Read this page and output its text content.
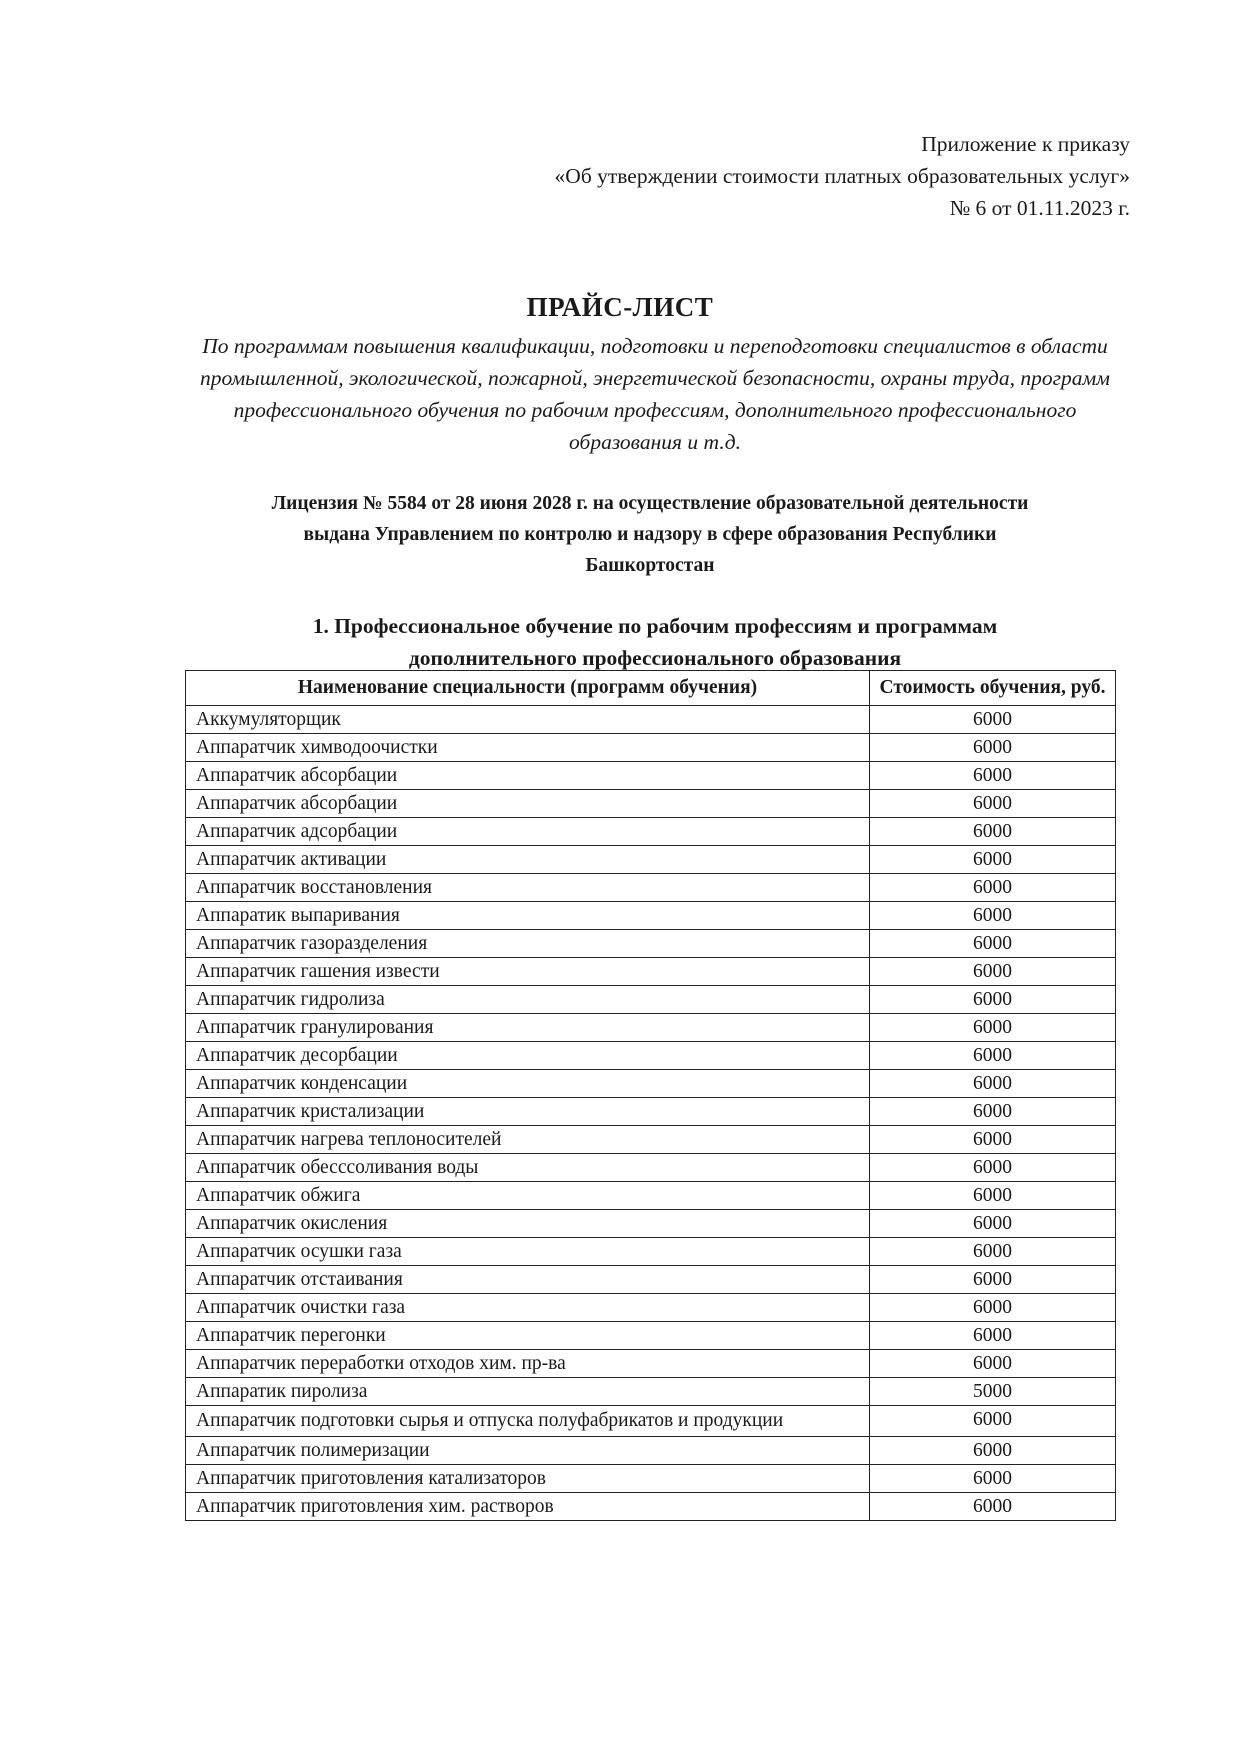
Приложение к приказу
«Об утверждении стоимости платных образовательных услуг»
№ 6 от 01.11.2023 г.
ПРАЙС-ЛИСТ
По программам повышения квалификации, подготовки и переподготовки специалистов в области промышленной, экологической, пожарной, энергетической безопасности, охраны труда, программ профессионального обучения по рабочим профессиям, дополнительного профессионального образования и т.д.
Лицензия № 5584 от 28 июня 2028 г. на осуществление образовательной деятельности
выдана Управлением по контролю и надзору в сфере образования Республики
Башкортостан
1. Профессиональное обучение по рабочим профессиям и программам
дополнительного профессионального образования
Наименование специальности (программ обучения)	Стоимость обучения, руб.
Аккумуляторщик	6000
Аппаратчик химводоочистки	6000
Аппаратчик абсорбации	6000
Аппаратчик абсорбации	6000
Аппаратчик адсорбации	6000
Аппаратчик активации	6000
Аппаратчик восстановления	6000
Аппаратик выпаривания	6000
Аппаратчик газоразделения	6000
Аппаратчик гашения извести	6000
Аппаратчик гидролиза	6000
Аппаратчик гранулирования	6000
Аппаратчик десорбации	6000
Аппаратчик конденсации	6000
Аппаратчик кристализации	6000
Аппаратчик нагрева теплоносителей	6000
Аппаратчик обесссоливания воды	6000
Аппаратчик обжига	6000
Аппаратчик окисления	6000
Аппаратчик осушки газа	6000
Аппаратчик отстаивания	6000
Аппаратчик очистки газа	6000
Аппаратчик перегонки	6000
Аппаратчик переработки отходов хим. пр-ва	6000
Аппаратик пиролиза	5000
Аппаратчик подготовки сырья и отпуска полуфабрикатов и продукции	6000
Аппаратчик полимеризации	6000
Аппаратчик приготовления катализаторов	6000
Аппаратчик приготовления хим. растворов	6000
